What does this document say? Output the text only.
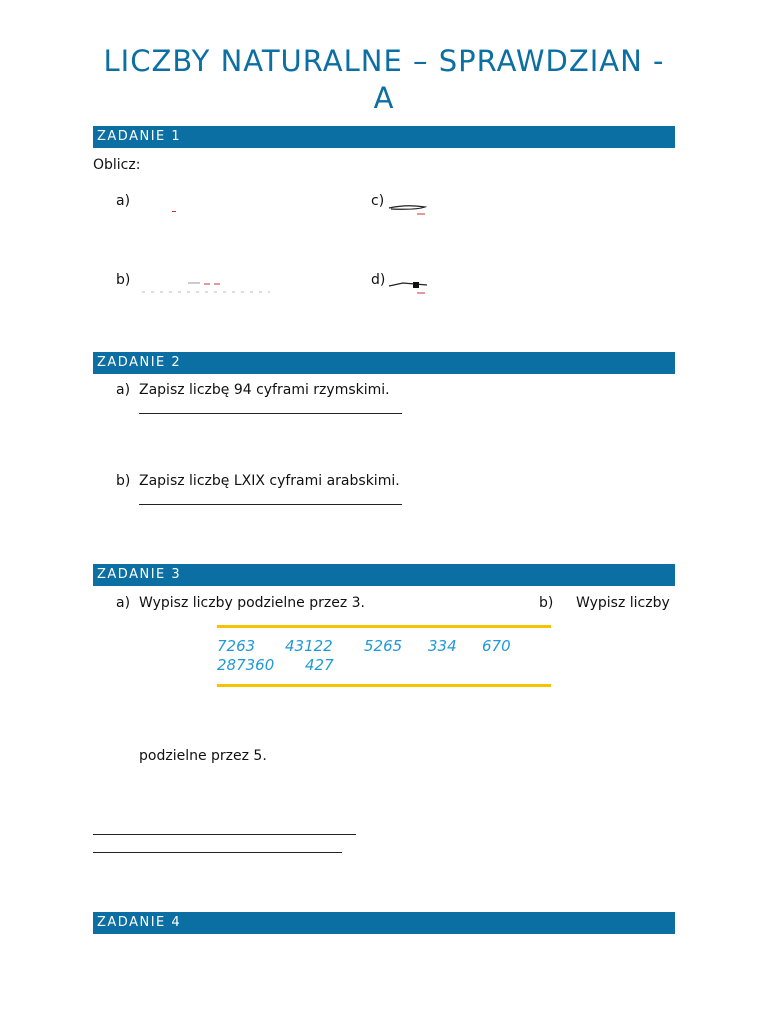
LICZBY NATURALNE – SPRAWDZIAN - A
ZADANIE 1
Oblicz:
a)	c)
b)	d)
ZADANIE 2
a) Zapisz liczbę 94 cyframi rzymskimi.
b) Zapisz liczbę LXIX cyframi arabskimi.
ZADANIE 3
a) Wypisz liczby podzielne przez 3.	b) Wypisz liczby
7263 43122 5265 334 670
287360 427
podzielne przez 5.
ZADANIE 4
